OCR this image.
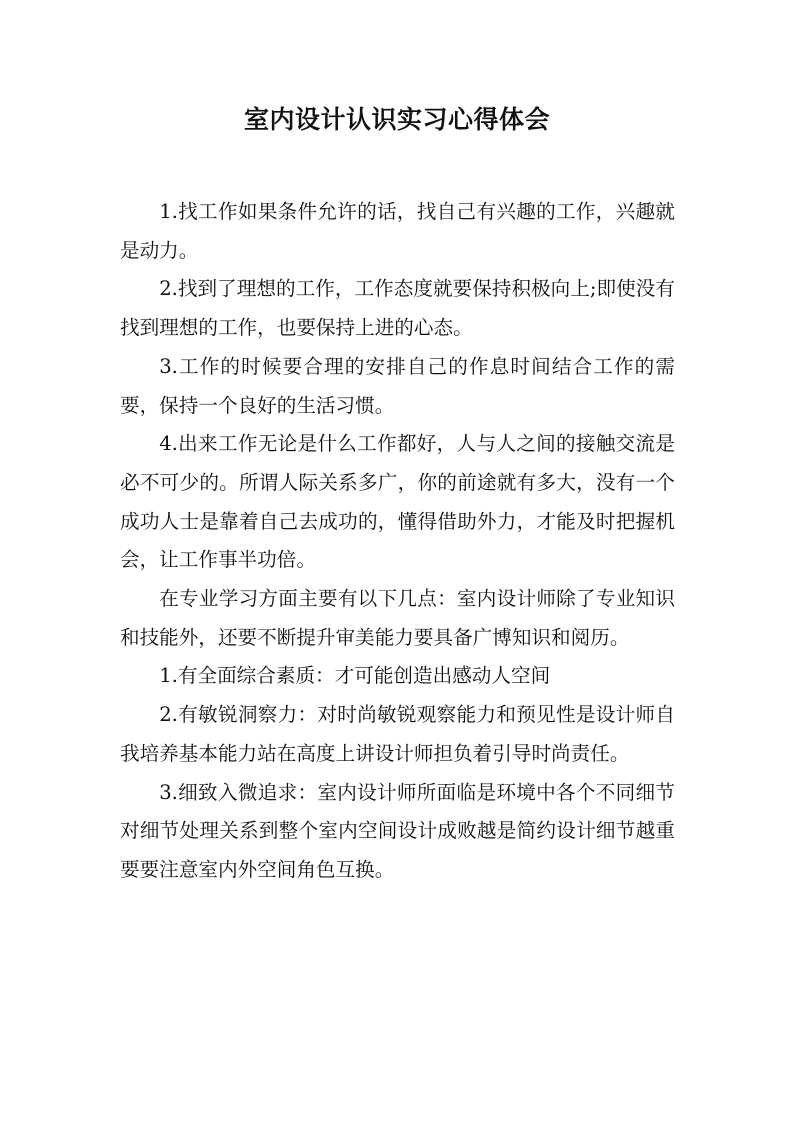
室内设计认识实习心得体会

1.找工作如果条件允许的话，找自己有兴趣的工作，兴趣就是动力。

2.找到了理想的工作，工作态度就要保持积极向上;即使没有找到理想的工作，也要保持上进的心态。

3.工作的时候要合理的安排自己的作息时间结合工作的需要，保持一个良好的生活习惯。

4.出来工作无论是什么工作都好，人与人之间的接触交流是必不可少的。所谓人际关系多广，你的前途就有多大，没有一个成功人士是靠着自己去成功的，懂得借助外力，才能及时把握机会，让工作事半功倍。

在专业学习方面主要有以下几点：室内设计师除了专业知识和技能外，还要不断提升审美能力要具备广博知识和阅历。

1.有全面综合素质：才可能创造出感动人空间

2.有敏锐洞察力：对时尚敏锐观察能力和预见性是设计师自我培养基本能力站在高度上讲设计师担负着引导时尚责任。

3.细致入微追求：室内设计师所面临是环境中各个不同细节对细节处理关系到整个室内空间设计成败越是简约设计细节越重要要注意室内外空间角色互换。
